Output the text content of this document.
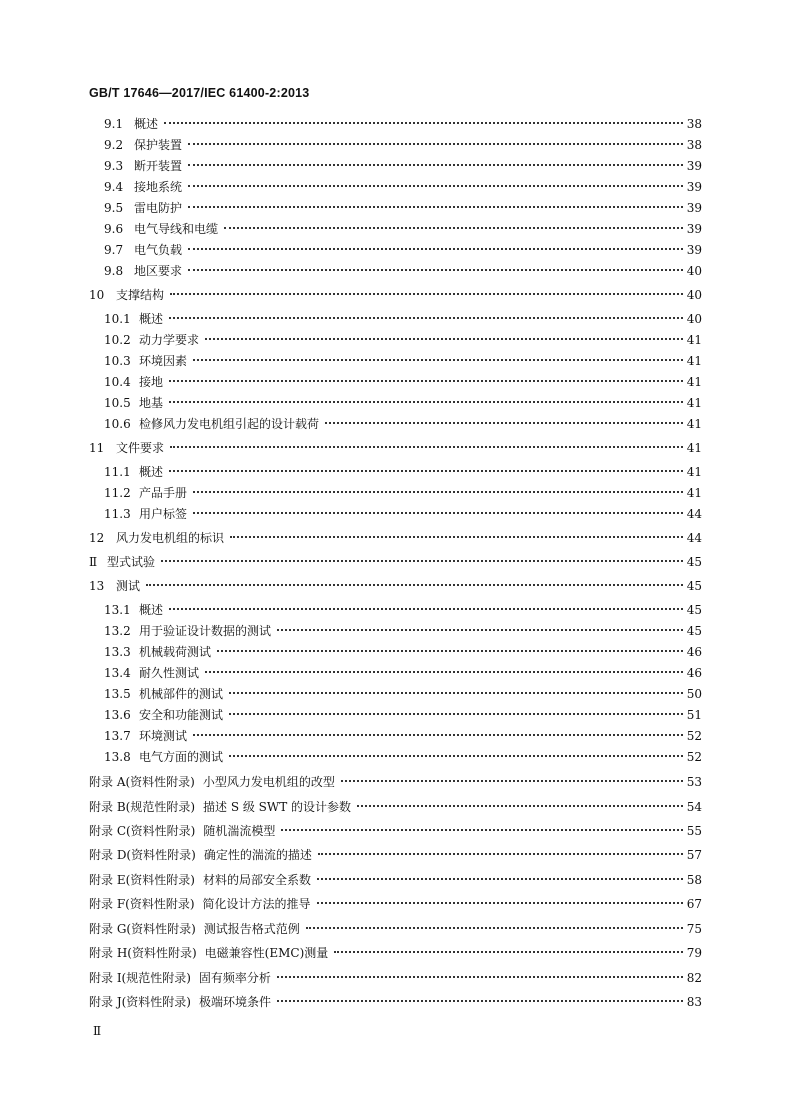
GB/T 17646—2017/IEC 61400-2:2013
9.1 概述	38
9.2 保护装置	38
9.3 断开装置	39
9.4 接地系统	39
9.5 雷电防护	39
9.6 电气导线和电缆	39
9.7 电气负载	39
9.8 地区要求	40
10 支撑结构	40
10.1 概述	40
10.2 动力学要求	41
10.3 环境因素	41
10.4 接地	41
10.5 地基	41
10.6 检修风力发电机组引起的设计载荷	41
11 文件要求	41
11.1 概述	41
11.2 产品手册	41
11.3 用户标签	44
12 风力发电机组的标识	44
Ⅱ 型式试验	45
13 测试	45
13.1 概述	45
13.2 用于验证设计数据的测试	45
13.3 机械载荷测试	46
13.4 耐久性测试	46
13.5 机械部件的测试	50
13.6 安全和功能测试	51
13.7 环境测试	52
13.8 电气方面的测试	52
附录 A(资料性附录) 小型风力发电机组的改型	53
附录 B(规范性附录) 描述 S 级 SWT 的设计参数	54
附录 C(资料性附录) 随机湍流模型	55
附录 D(资料性附录) 确定性的湍流的描述	57
附录 E(资料性附录) 材料的局部安全系数	58
附录 F(资料性附录) 简化设计方法的推导	67
附录 G(资料性附录) 测试报告格式范例	75
附录 H(资料性附录) 电磁兼容性(EMC)测量	79
附录 I(规范性附录) 固有频率分析	82
附录 J(资料性附录) 极端环境条件	83
Ⅱ
